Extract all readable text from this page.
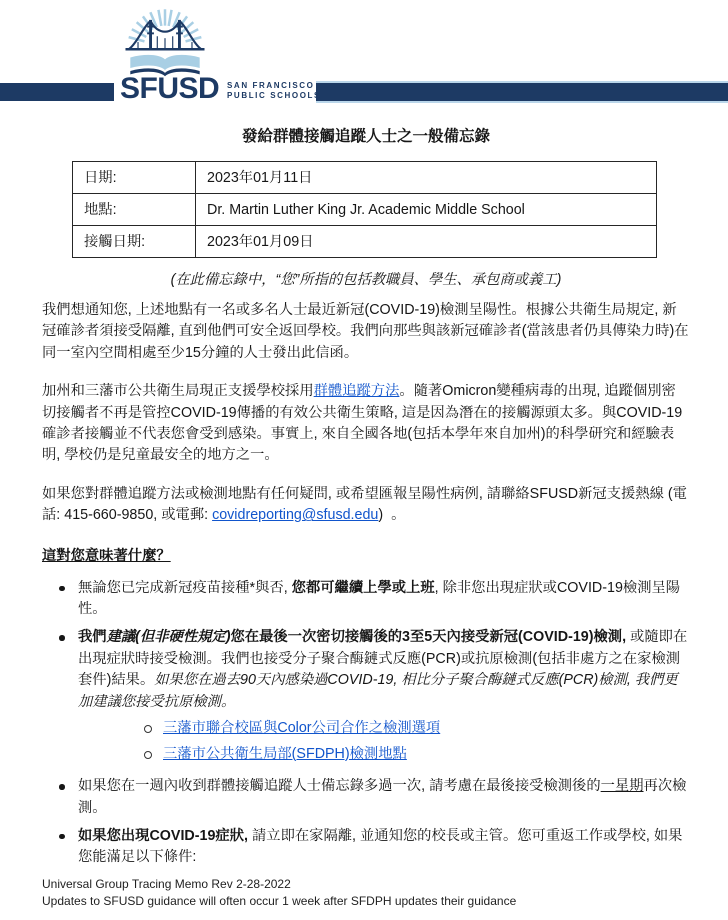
SFUSD SAN FRANCISCO
PUBLIC SCHOOLS
發給群體接觸追蹤人士之一般備忘錄
日期:	2023年01月11日
地點:	Dr. Martin Luther King Jr. Academic Middle School
接觸日期:	2023年01月09日
(在此備忘錄中，“您”所指的包括教職員、學生、承包商或義工)

我們想通知您, 上述地點有一名或多名人士最近新冠(COVID-19)檢測呈陽性。根據公共衛生局規定, 新冠確診者須接受隔離, 直到他們可安全返回學校。我們向那些與該新冠確診者(當該患者仍具傳染力時)在同一室內空間相處至少15分鐘的人士發出此信函。

加州和三藩市公共衛生局現正支援學校採用群體追蹤方法。隨著Omicron變種病毒的出現, 追蹤個別密切接觸者不再是管控COVID-19傳播的有效公共衛生策略, 這是因為潛在的接觸源頭太多。與COVID-19確診者接觸並不代表您會受到感染。事實上, 來自全國各地(包括本學年來自加州)的科學研究和經驗表明, 學校仍是兒童最安全的地方之一。

如果您對群體追蹤方法或檢測地點有任何疑問, 或希望匯報呈陽性病例, 請聯絡SFUSD新冠支援熱線 (電話: 415-660-9850, 或電郵: covidreporting@sfusd.edu)  。

這對您意味著什麼？
無論您已完成新冠疫苗接種*與否, 您都可繼續上學或上班, 除非您出現症狀或COVID-19檢測呈陽性。
我們建議(但非硬性規定)您在最後一次密切接觸後的3至5天內接受新冠(COVID-19)檢測, 或隨即在出現症狀時接受檢測。我們也接受分子聚合酶鏈式反應(PCR)或抗原檢測(包括非處方之在家檢測套件)結果。如果您在過去90天內感染過COVID-19, 相比分子聚合酶鏈式反應(PCR)檢測, 我們更加建議您接受抗原檢測。
三藩市聯合校區與Color公司合作之檢測選項
三藩市公共衛生局部(SFDPH)檢測地點
如果您在一週內收到群體接觸追蹤人士備忘錄多過一次, 請考慮在最後接受檢測後的一星期再次檢測。
如果您出現COVID-19症狀, 請立即在家隔離, 並通知您的校長或主管。您可重返工作或學校, 如果您能滿足以下條件:
Universal Group Tracing Memo Rev 2-28-2022
Updates to SFUSD guidance will often occur 1 week after SFDPH updates their guidance
